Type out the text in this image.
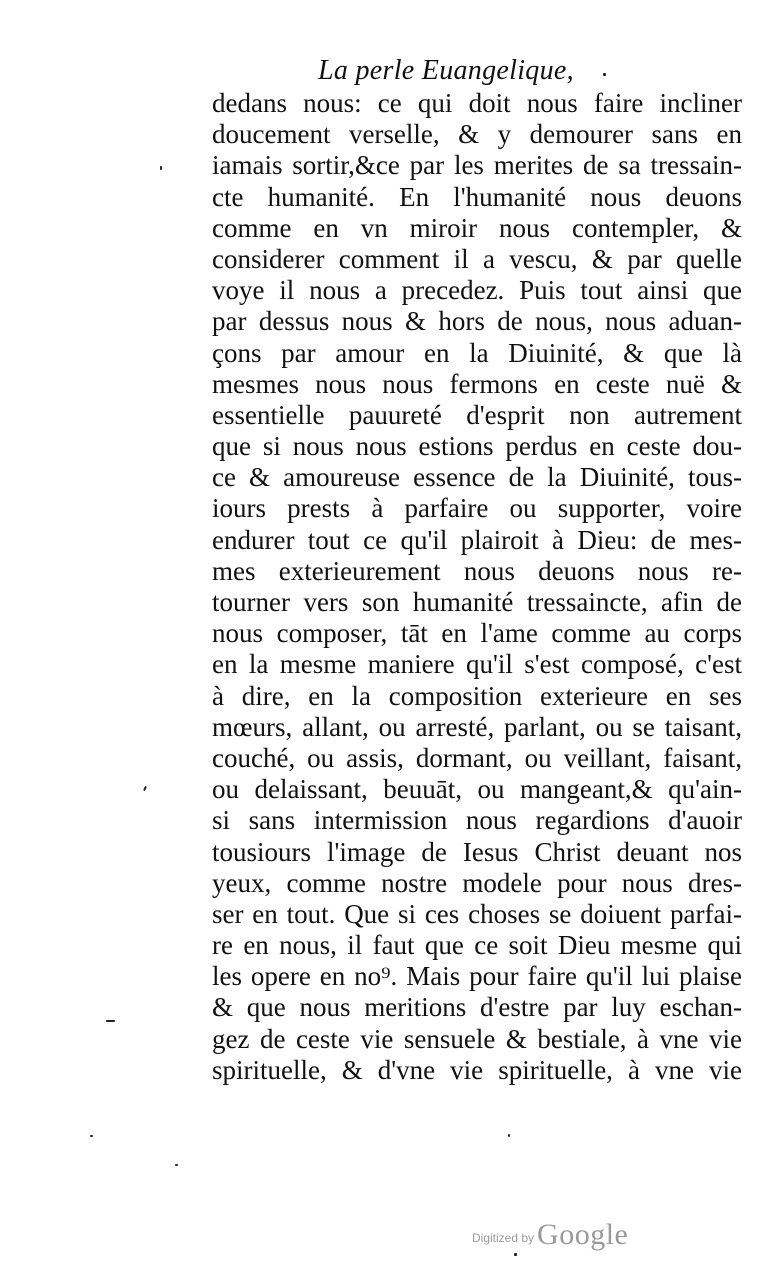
La perle Euangelique,
dedans nous: ce qui doit nous faire incliner
doucement verselle, & y demourer sans en
iamais sortir,&ce par les merites de sa tressain-
cte humanité. En l'humanité nous deuons
comme en vn miroir nous contempler, &
considerer comment il a vescu, & par quelle
voye il nous a precedez. Puis tout ainsi que
par dessus nous & hors de nous, nous aduan-
çons par amour en la Diuinité, & que là
mesmes nous nous fermons en ceste nuë &
essentielle pauureté d'esprit non autrement
que si nous nous estions perdus en ceste dou-
ce & amoureuse essence de la Diuinité, tous-
iours prests à parfaire ou supporter, voire
endurer tout ce qu'il plairoit à Dieu: de mes-
mes exterieurement nous deuons nous re-
tourner vers son humanité tressaincte, afin de
nous composer, tāt en l'ame comme au corps
en la mesme maniere qu'il s'est composé, c'est
à dire, en la composition exterieure en ses
mœurs, allant, ou arresté, parlant, ou se taisant,
couché, ou assis, dormant, ou veillant, faisant,
ou delaissant, beuuāt, ou mangeant,& qu'ain-
si sans intermission nous regardions d'auoir
tousiours l'image de Iesus Christ deuant nos
yeux, comme nostre modele pour nous dres-
ser en tout. Que si ces choses se doiuent parfai-
re en nous, il faut que ce soit Dieu mesme qui
les opere en no⁹. Mais pour faire qu'il lui plaise
& que nous meritions d'estre par luy eschan-
gez de ceste vie sensuele & bestiale, à vne vie
spirituelle, & d'vne vie spirituelle, à vne vie
Digitized by Google
